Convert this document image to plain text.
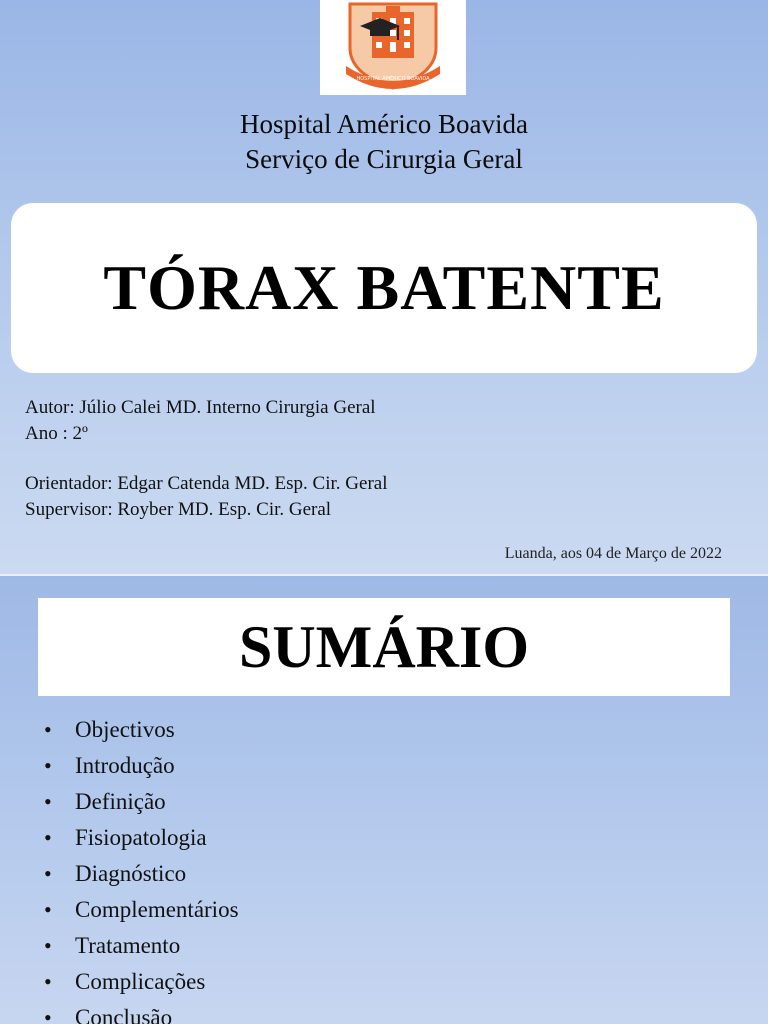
HOSPITAL AMÉRICO BOAVIDA
Hospital Américo Boavida
Serviço de Cirurgia Geral
TÓRAX BATENTE
Autor: Júlio Calei MD. Interno Cirurgia Geral
Ano : 2º
Orientador: Edgar Catenda MD. Esp. Cir. Geral
Supervisor: Royber MD. Esp. Cir. Geral
Luanda, aos 04 de Março de 2022
SUMÁRIO
• Objectivos
• Introdução
• Definição
• Fisiopatologia
• Diagnóstico
• Complementários
• Tratamento
• Complicações
• Conclusão
